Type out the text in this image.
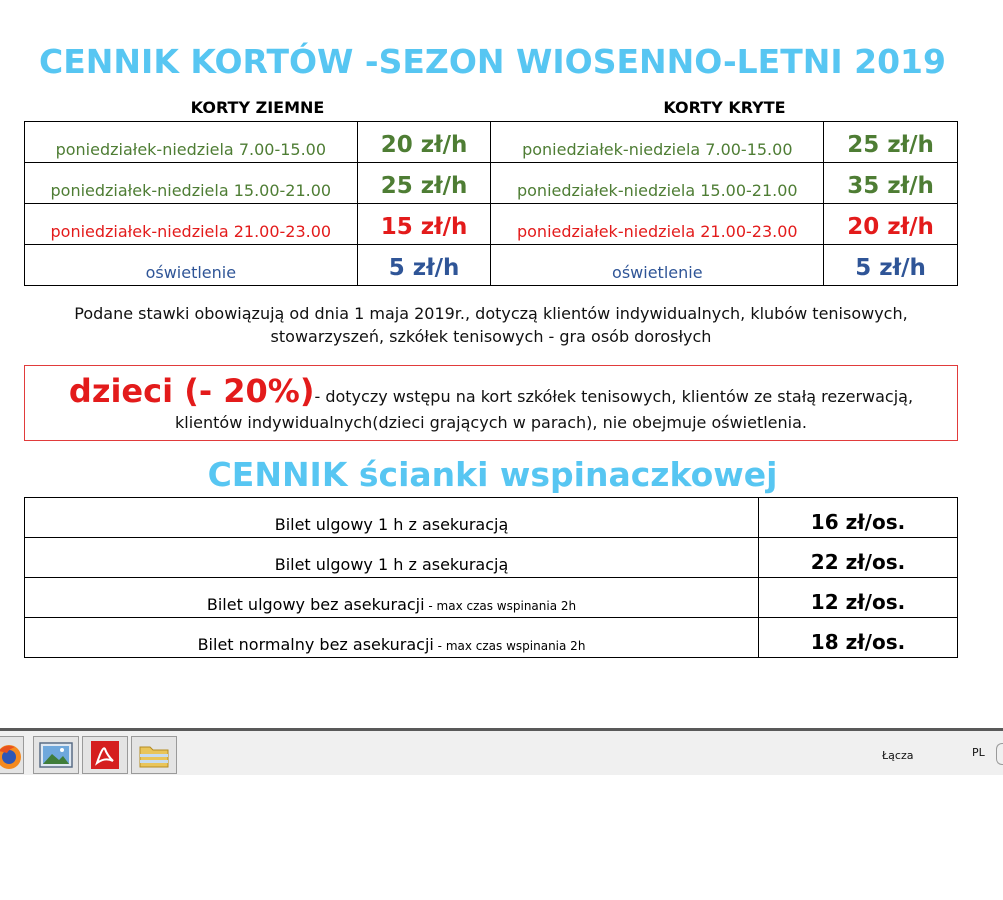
CENNIK KORTÓW -SEZON WIOSENNO-LETNI 2019
KORTY ZIEMNE	KORTY KRYTE
poniedziałek-niedziela 7.00-15.00	20 zł/h	poniedziałek-niedziela 7.00-15.00	25 zł/h
poniedziałek-niedziela 15.00-21.00	25 zł/h	poniedziałek-niedziela 15.00-21.00	35 zł/h
poniedziałek-niedziela 21.00-23.00	15 zł/h	poniedziałek-niedziela 21.00-23.00	20 zł/h
oświetlenie	5 zł/h	oświetlenie	5 zł/h
Podane stawki obowiązują od dnia 1 maja 2019r., dotyczą klientów indywidualnych, klubów tenisowych,
stowarzyszeń, szkółek tenisowych - gra osób dorosłych
dzieci (- 20%)- dotyczy wstępu na kort szkółek tenisowych, klientów ze stałą rezerwacją,
klientów indywidualnych(dzieci grających w parach), nie obejmuje oświetlenia.
CENNIK ścianki wspinaczkowej
Bilet ulgowy 1 h z asekuracją	16 zł/os.
Bilet ulgowy 1 h z asekuracją	22 zł/os.
Bilet ulgowy bez asekuracji - max czas wspinania 2h	12 zł/os.
Bilet normalny bez asekuracji - max czas wspinania 2h	18 zł/os.
Łącza	PL
